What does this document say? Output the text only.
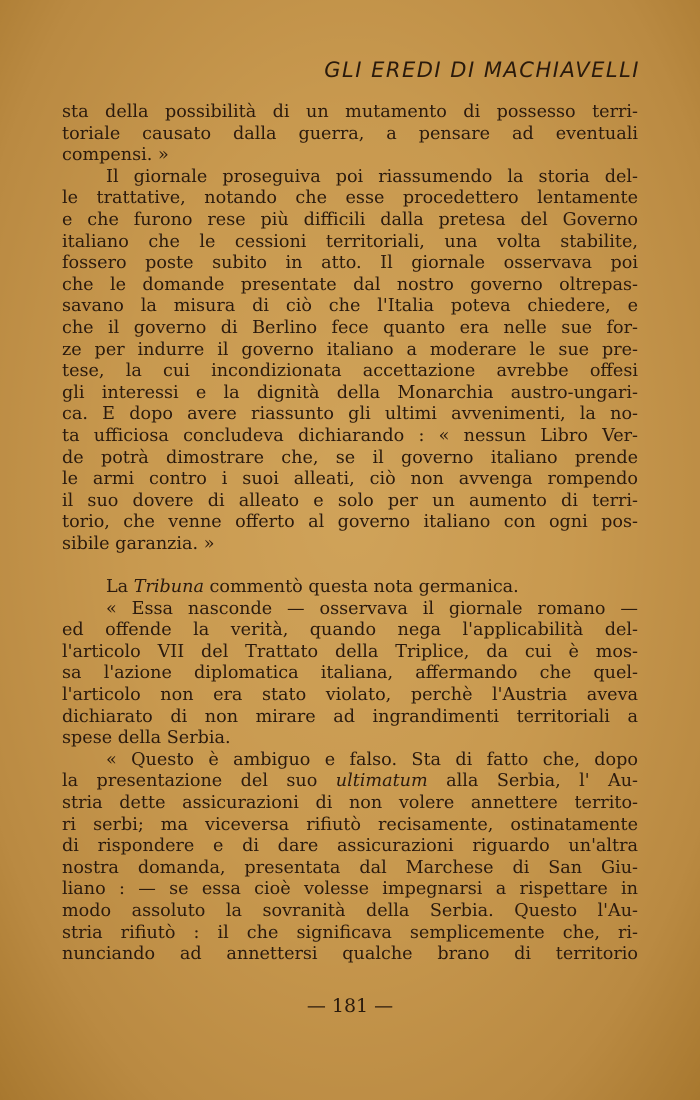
GLI EREDI DI MACHIAVELLI
sta della possibilità di un mutamento di possesso terri-
toriale causato dalla guerra, a pensare ad eventuali
compensi. »
Il giornale proseguiva poi riassumendo la storia del-
le trattative, notando che esse procedettero lentamente
e che furono rese più difficili dalla pretesa del Governo
italiano che le cessioni territoriali, una volta stabilite,
fossero poste subito in atto. Il giornale osservava poi
che le domande presentate dal nostro governo oltrepas-
savano la misura di ciò che l'Italia poteva chiedere, e
che il governo di Berlino fece quanto era nelle sue for-
ze per indurre il governo italiano a moderare le sue pre-
tese, la cui incondizionata accettazione avrebbe offesi
gli interessi e la dignità della Monarchia austro-ungari-
ca. E dopo avere riassunto gli ultimi avvenimenti, la no-
ta ufficiosa concludeva dichiarando : « nessun Libro Ver-
de potrà dimostrare che, se il governo italiano prende
le armi contro i suoi alleati, ciò non avvenga rompendo
il suo dovere di alleato e solo per un aumento di terri-
torio, che venne offerto al governo italiano con ogni pos-
sibile garanzia. »
La Tribuna commentò questa nota germanica.
« Essa nasconde — osservava il giornale romano —
ed offende la verità, quando nega l'applicabilità del-
l'articolo VII del Trattato della Triplice, da cui è mos-
sa l'azione diplomatica italiana, affermando che quel-
l'articolo non era stato violato, perchè l'Austria aveva
dichiarato di non mirare ad ingrandimenti territoriali a
spese della Serbia.
« Questo è ambiguo e falso. Sta di fatto che, dopo
la presentazione del suo ultimatum alla Serbia, l' Au-
stria dette assicurazioni di non volere annettere territo-
ri serbi; ma viceversa rifiutò recisamente, ostinatamente
di rispondere e di dare assicurazioni riguardo un'altra
nostra domanda, presentata dal Marchese di San Giu-
liano : — se essa cioè volesse impegnarsi a rispettare in
modo assoluto la sovranità della Serbia. Questo l'Au-
stria rifiutò : il che significava semplicemente che, ri-
nunciando ad annettersi qualche brano di territorio
— 181 —
